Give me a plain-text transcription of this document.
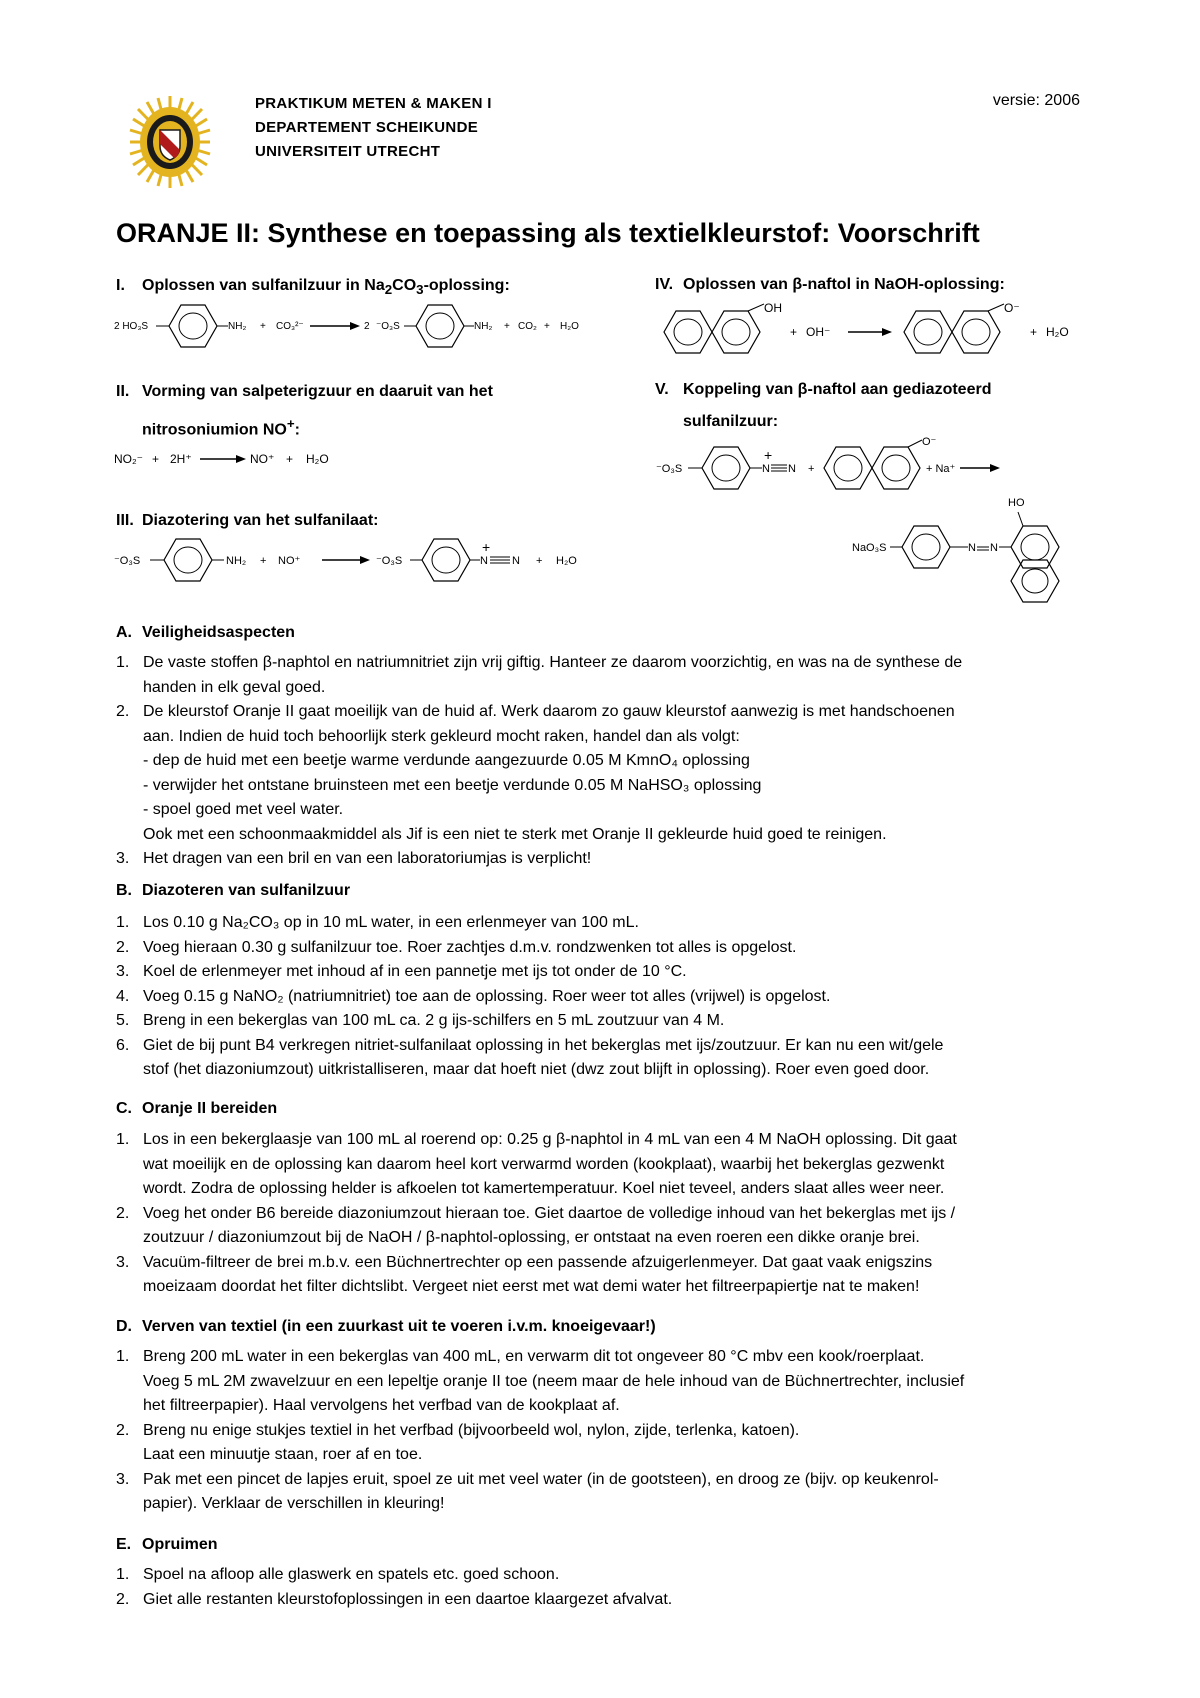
PRAKTIKUM METEN & MAKEN I
DEPARTEMENT SCHEIKUNDE
UNIVERSITEIT UTRECHT
versie: 2006
ORANJE II: Synthese en toepassing als textielkleurstof: Voorschrift
I. Oplossen van sulfanilzuur in $Na_2CO_3$-oplossing:
II. Vorming van salpeterigzuur en daaruit van het
nitrosoniumion NO+:
III. Diazotering van het sulfanilaat:
IV. Oplossen van β-naftol in NaOH-oplossing:
V. Koppeling van β-naftol aan gediazoteerd
sulfanilzuur:
2 HO₃S	NH₂ + CO₃²⁻	2 ⁻O₃S	NH₂ + CO₂ + H₂O
NO₂⁻ + 2H⁺	NO⁺ + H₂O
⁻O₃S	NH₂ + NO⁺	⁻O₃S
+
N N + H₂O
OH
+ OH⁻
O⁻
+ H₂O
⁻O₃S
+
N N +
O⁻
+ Na⁺
HO
NaO₃S	N N
A. Veiligheidsaspecten
1. De vaste stoffen β-naphtol en natriumnitriet zijn vrij giftig. Hanteer ze daarom voorzichtig, en was na de synthese de
handen in elk geval goed.
2. De kleurstof Oranje II gaat moeilijk van de huid af. Werk daarom zo gauw kleurstof aanwezig is met handschoenen
aan. Indien de huid toch behoorlijk sterk gekleurd mocht raken, handel dan als volgt:
- dep de huid met een beetje warme verdunde aangezuurde 0.05 M KmnO₄ oplossing
- verwijder het ontstane bruinsteen met een beetje verdunde 0.05 M NaHSO₃ oplossing
- spoel goed met veel water.
Ook met een schoonmaakmiddel als Jif is een niet te sterk met Oranje II gekleurde huid goed te reinigen.
3. Het dragen van een bril en van een laboratoriumjas is verplicht!
B. Diazoteren van sulfanilzuur
1. Los 0.10 g Na₂CO₃ op in 10 mL water, in een erlenmeyer van 100 mL.
2. Voeg hieraan 0.30 g sulfanilzuur toe. Roer zachtjes d.m.v. rondzwenken tot alles is opgelost.
3. Koel de erlenmeyer met inhoud af in een pannetje met ijs tot onder de 10 °C.
4. Voeg 0.15 g NaNO₂ (natriumnitriet) toe aan de oplossing. Roer weer tot alles (vrijwel) is opgelost.
5. Breng in een bekerglas van 100 mL ca. 2 g ijs-schilfers en 5 mL zoutzuur van 4 M.
6. Giet de bij punt B4 verkregen nitriet-sulfanilaat oplossing in het bekerglas met ijs/zoutzuur. Er kan nu een wit/gele
stof (het diazoniumzout) uitkristalliseren, maar dat hoeft niet (dwz zout blijft in oplossing). Roer even goed door.
C. Oranje II bereiden
1. Los in een bekerglaasje van 100 mL al roerend op: 0.25 g β-naphtol in 4 mL van een 4 M NaOH oplossing. Dit gaat
wat moeilijk en de oplossing kan daarom heel kort verwarmd worden (kookplaat), waarbij het bekerglas gezwenkt
wordt. Zodra de oplossing helder is afkoelen tot kamertemperatuur. Koel niet teveel, anders slaat alles weer neer.
2. Voeg het onder B6 bereide diazoniumzout hieraan toe. Giet daartoe de volledige inhoud van het bekerglas met ijs /
zoutzuur / diazoniumzout bij de NaOH / β-naphtol-oplossing, er ontstaat na even roeren een dikke oranje brei.
3. Vacuüm-filtreer de brei m.b.v. een Büchnertrechter op een passende afzuigerlenmeyer. Dat gaat vaak enigszins
moeizaam doordat het filter dichtslibt. Vergeet niet eerst met wat demi water het filtreerpapiertje nat te maken!
D. Verven van textiel (in een zuurkast uit te voeren i.v.m. knoeigevaar!)
1. Breng 200 mL water in een bekerglas van 400 mL, en verwarm dit tot ongeveer 80 °C mbv een kook/roerplaat.
Voeg 5 mL 2M zwavelzuur en een lepeltje oranje II toe (neem maar de hele inhoud van de Büchnertrechter, inclusief
het filtreerpapier). Haal vervolgens het verfbad van de kookplaat af.
2. Breng nu enige stukjes textiel in het verfbad (bijvoorbeeld wol, nylon, zijde, terlenka, katoen).
Laat een minuutje staan, roer af en toe.
3. Pak met een pincet de lapjes eruit, spoel ze uit met veel water (in de gootsteen), en droog ze (bijv. op keukenrol-
papier). Verklaar de verschillen in kleuring!
E. Opruimen
1. Spoel na afloop alle glaswerk en spatels etc. goed schoon.
2. Giet alle restanten kleurstofoplossingen in een daartoe klaargezet afvalvat.
